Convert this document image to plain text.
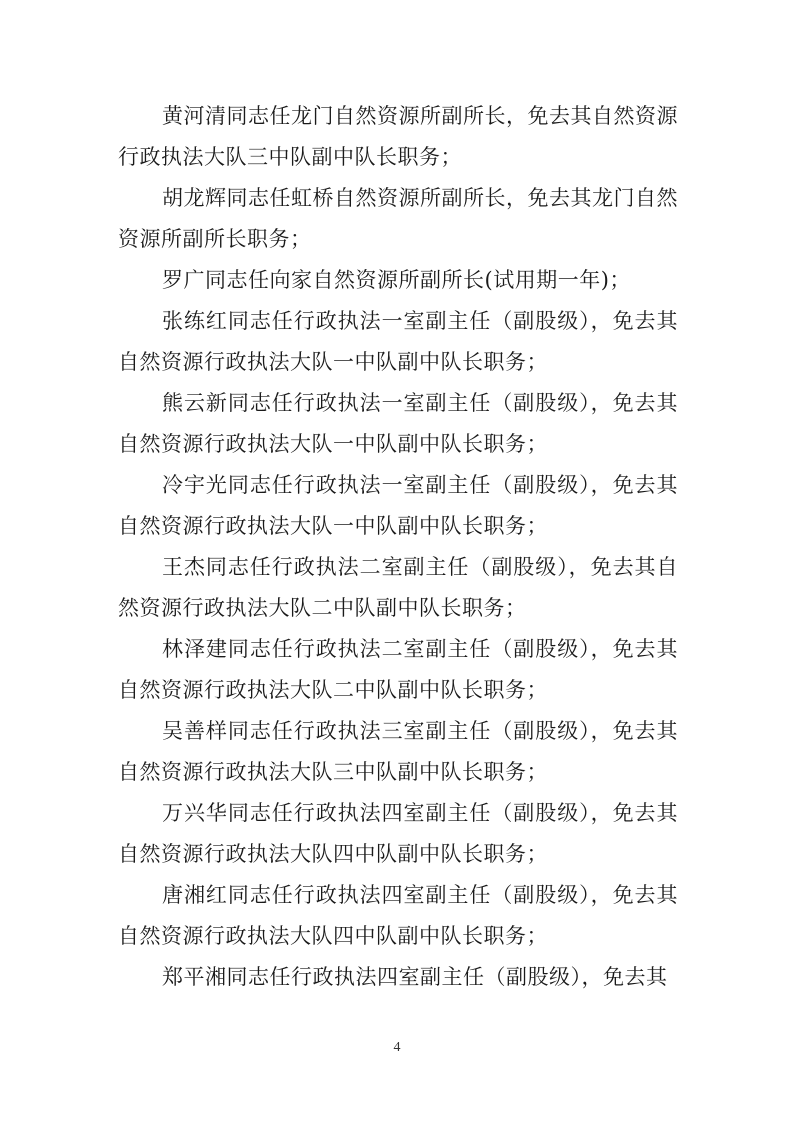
黄河清同志任龙门自然资源所副所长，免去其自然资源行政执法大队三中队副中队长职务；

胡龙辉同志任虹桥自然资源所副所长，免去其龙门自然资源所副所长职务；

罗广同志任向家自然资源所副所长(试用期一年)；

张练红同志任行政执法一室副主任（副股级），免去其自然资源行政执法大队一中队副中队长职务；

熊云新同志任行政执法一室副主任（副股级），免去其自然资源行政执法大队一中队副中队长职务；

冷宇光同志任行政执法一室副主任（副股级），免去其自然资源行政执法大队一中队副中队长职务；

王杰同志任行政执法二室副主任（副股级），免去其自然资源行政执法大队二中队副中队长职务；

林泽建同志任行政执法二室副主任（副股级），免去其自然资源行政执法大队二中队副中队长职务；

吴善样同志任行政执法三室副主任（副股级），免去其自然资源行政执法大队三中队副中队长职务；

万兴华同志任行政执法四室副主任（副股级），免去其自然资源行政执法大队四中队副中队长职务；

唐湘红同志任行政执法四室副主任（副股级），免去其自然资源行政执法大队四中队副中队长职务；

郑平湘同志任行政执法四室副主任（副股级），免去其

4
